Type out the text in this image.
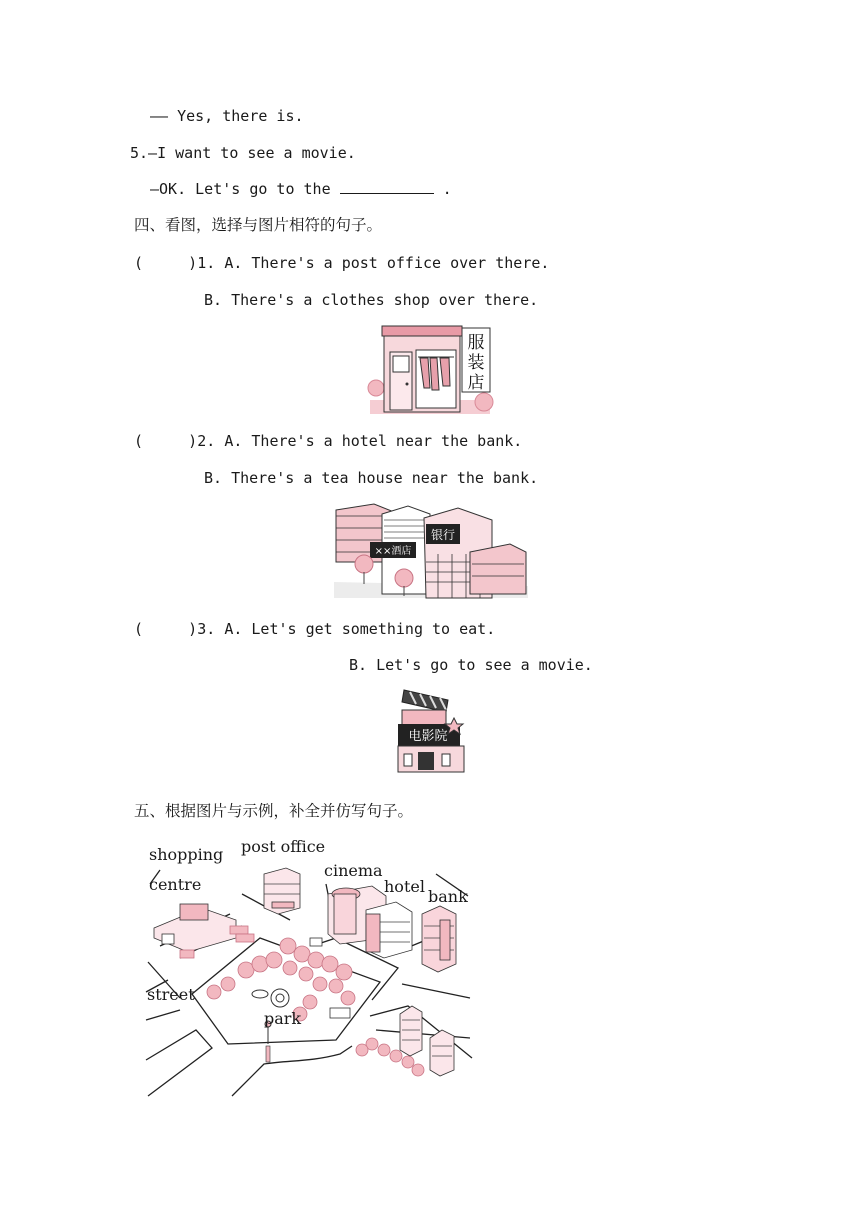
—— Yes, there is.
5.—I want to see a movie.
—OK. Let's go to the	.
四、看图，选择与图片相符的句子。
(     )1. A. There's a post office over there.
B. There's a clothes shop over there.
服
装
店
(     )2. A. There's a hotel near the bank.
B. There's a tea house near the bank.
××酒店
银行
(     )3. A. Let's get something to eat.
B. Let's go to see a movie.
电影院
五、根据图片与示例，补全并仿写句子。
shopping
centre
post office
cinema
hotel
bank
street
park
